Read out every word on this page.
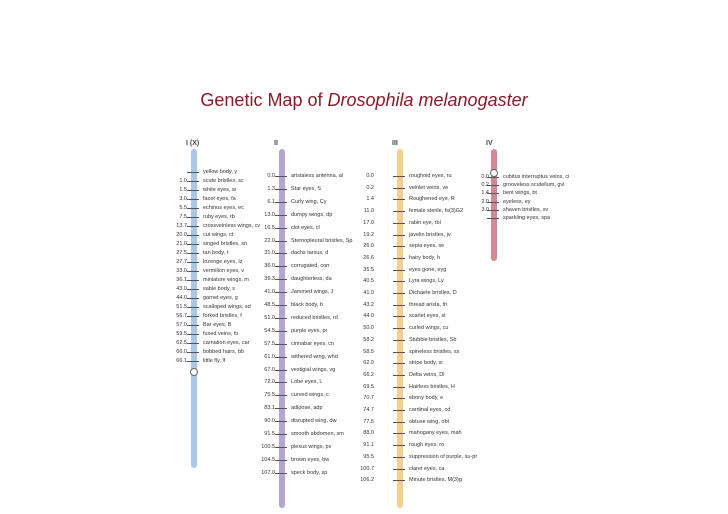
Genetic Map of Drosophila melanogaster
I (X)
yellow body, y
1.0	scute bristles, sc
1.5	white eyes, w
3.0	facet eyes, fa
5.5	echinus eyes, ec
7.5	ruby eyes, rb
13.7	crossveinless wings, cv
20.0	cut wings, ct
21.0	singed bristles, sn
27.5	tan body, t
27.7	lozenge eyes, lz
33.0	vermilion eyes, v
36.1	miniature wings, m
43.0	sable body, s
44.0	garnet eyes, g
51.5	scalloped wings, sd
56.7	forked bristles, f
57.0	Bar eyes, B
59.5	fused veins, fu
62.5	carnation eyes, car
66.0	bobbed hairs, bb
66.1	little fly, lf
II
0.0	aristaless antenna, al
1.3	Star eyes, S
6.1	Curly wing, Cy
13.0	dumpy wings, dp
16.5	clot eyes, cl
22.0	Sternopleural bristles, Sp
31.0	dachs tarsus, d
36.0	corrugated, corr
39.3	daughterless, da
41.0	Jammed wings, J
48.5	black body, b
51.0	reduced bristles, rd
54.5	purple eyes, pr
57.5	cinnabar eyes, cn
61.0	withered wing, whd
67.0	vestigial wings, vg
72.0	Lobe eyes, L
75.5	curved wings, c
83.1	adipose, adp
90.0	disrupted wing, dw
91.5	smooth abdomen, sm
100.5	plexus wings, px
104.5	brown eyes, bw
107.0	speck body, sp
III
0.0	roughoid eyes, ru
0.2	veinlet veins, ve
1.4	Roughened eye, R
11.0	female sterile, fs(3)G2
17.0	rabin eye, rbl
19.2	javelin bristles, jv
26.0	sepia eyes, se
26.6	hairy body, h
35.5	eyes gone, eyg
40.5	Lyra wings, Ly
41.0	Dichaete bristles, D
43.2	thread arista, th
44.0	scarlet eyes, st
50.0	curled wings, cu
58.2	Stubble bristles, Sb
58.5	spineless bristles, ss
62.0	stripe body, sr
66.2	Delta veins, Dl
69.5	Hairless bristles, H
70.7	ebony body, e
74.7	cardinal eyes, cd
77.5	obtuse wing, obt
88.0	mahogany eyes, mah
91.1	rough eyes, ro
95.5	suppression of purple, su-pr
100.7	claret eyes, ca
106.2	Minute bristles, M(3)g
IV
0.0	cubitus interruptus veins, ci
0.2	grooveless scutellum, gvl
1.4	bent wings, bt
2.0	eyeless, ey
3.0	shaven bristles, sv
sparkling eyes, spa
